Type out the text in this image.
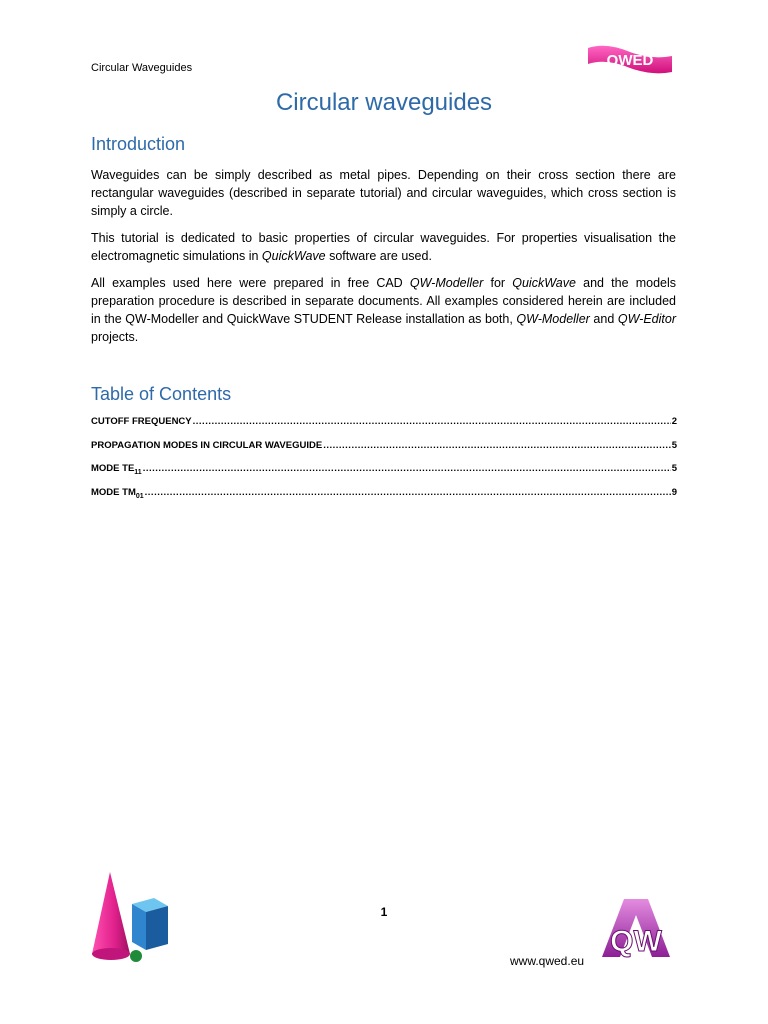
Circular Waveguides	QWED
Circular waveguides
Introduction

Waveguides can be simply described as metal pipes. Depending on their cross section there are rectangular waveguides (described in separate tutorial) and circular waveguides, which cross section is simply a circle.

This tutorial is dedicated to basic properties of circular waveguides. For properties visualisation the electromagnetic simulations in QuickWave software are used.

All examples used here were prepared in free CAD QW-Modeller for QuickWave and the models preparation procedure is described in separate documents. All examples considered herein are included in the QW-Modeller and QuickWave STUDENT Release installation as both, QW-Modeller and QW-Editor projects.

Table of Contents
CUTOFF FREQUENCY .....	2
PROPAGATION MODES IN CIRCULAR WAVEGUIDE .....	5
MODE $TE_{11}$ .....	5
MODE $TM_{01}$ .....	9
1
QW
www.qwed.eu
